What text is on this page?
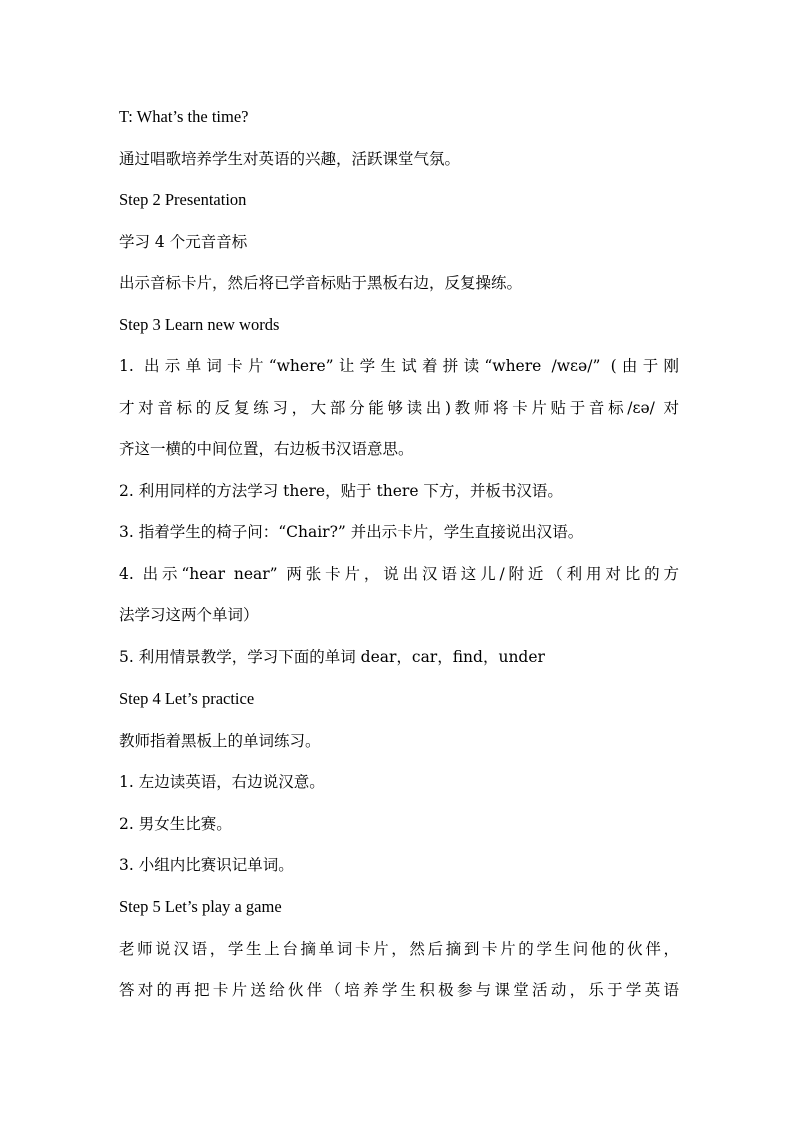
T: What’s the time?
通过唱歌培养学生对英语的兴趣，活跃课堂气氛。
Step 2 Presentation
学习 4 个元音音标
出示音标卡片，然后将已学音标贴于黑板右边，反复操练。
Step 3 Learn new words
1. 出示单词卡片“where”让学生试着拼读“where /wɛə/” (由于刚
才对音标的反复练习，大部分能够读出)教师将卡片贴于音标/ɛə/ 对
齐这一横的中间位置，右边板书汉语意思。
2. 利用同样的方法学习 there，贴于 there 下方，并板书汉语。
3. 指着学生的椅子问：“Chair?” 并出示卡片，学生直接说出汉语。
4. 出示“hear near” 两张卡片，说出汉语这儿/附近（利用对比的方
法学习这两个单词）
5. 利用情景教学，学习下面的单词 dear，car，find，under
Step 4 Let’s practice
教师指着黑板上的单词练习。
1. 左边读英语，右边说汉意。
2. 男女生比赛。
3. 小组内比赛识记单词。
Step 5 Let’s play a game
老师说汉语，学生上台摘单词卡片，然后摘到卡片的学生问他的伙伴，
答对的再把卡片送给伙伴（培养学生积极参与课堂活动，乐于学英语
